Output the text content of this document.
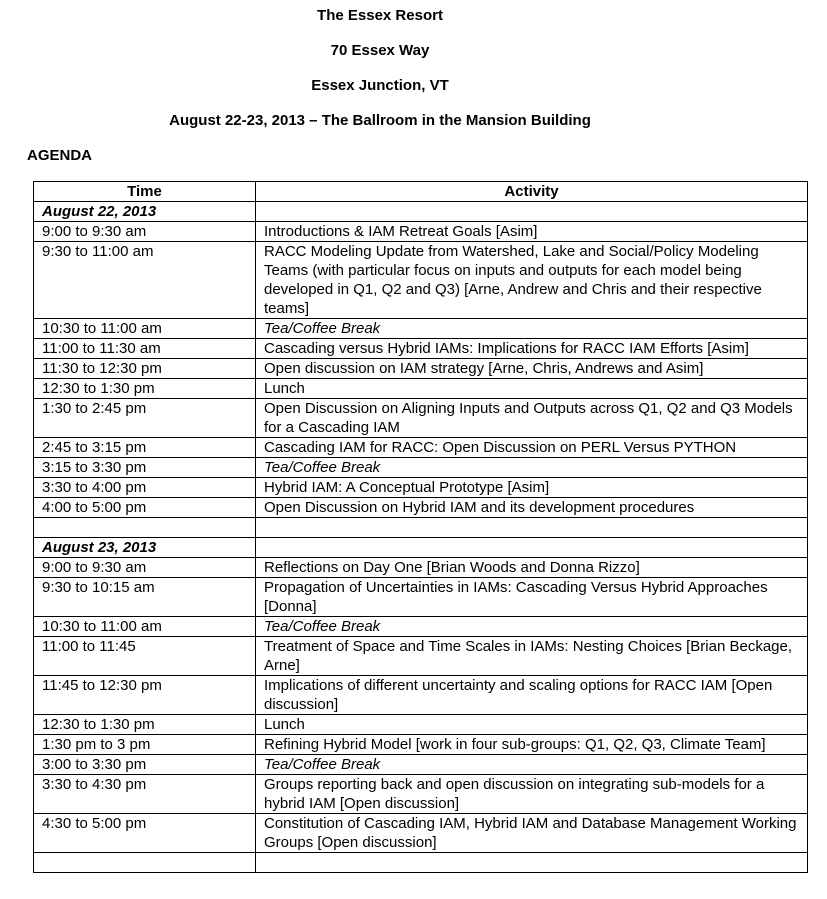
The Essex Resort
70 Essex Way
Essex Junction, VT
August 22-23, 2013 – The Ballroom in the Mansion Building
AGENDA
Time	Activity
August 22, 2013	
9:00 to 9:30 am	Introductions & IAM Retreat Goals [Asim]
9:30 to 11:00 am	RACC Modeling Update from Watershed, Lake and Social/Policy Modeling Teams (with particular focus on inputs and outputs for each model being developed in Q1, Q2 and Q3) [Arne, Andrew and Chris and their respective teams]
10:30 to 11:00 am	Tea/Coffee Break
11:00 to 11:30 am	Cascading versus Hybrid IAMs: Implications for RACC IAM Efforts [Asim]
11:30 to 12:30 pm	Open discussion on IAM strategy [Arne, Chris, Andrews and Asim]
12:30 to 1:30 pm	Lunch
1:30 to 2:45 pm	Open Discussion on Aligning Inputs and Outputs across Q1, Q2 and Q3 Models for a Cascading IAM
2:45 to 3:15 pm	Cascading IAM for RACC: Open Discussion on PERL Versus PYTHON
3:15 to 3:30 pm	Tea/Coffee Break
3:30 to 4:00 pm	Hybrid IAM: A Conceptual Prototype [Asim]
4:00 to 5:00 pm	Open Discussion on Hybrid IAM and its development procedures

August 23, 2013	
9:00 to 9:30 am	Reflections on Day One [Brian Woods and Donna Rizzo]
9:30 to 10:15 am	Propagation of Uncertainties in IAMs: Cascading Versus Hybrid Approaches [Donna]
10:30 to 11:00 am	Tea/Coffee Break
11:00 to 11:45	Treatment of Space and Time Scales in IAMs: Nesting Choices [Brian Beckage, Arne]
11:45 to 12:30 pm	Implications of different uncertainty and scaling options for RACC IAM [Open discussion]
12:30 to 1:30 pm	Lunch
1:30 pm to 3 pm	Refining Hybrid Model [work in four sub-groups: Q1, Q2, Q3, Climate Team]
3:00 to 3:30 pm	Tea/Coffee Break
3:30 to 4:30 pm	Groups reporting back and open discussion on integrating sub-models for a hybrid IAM [Open discussion]
4:30 to 5:00 pm	Constitution of Cascading IAM, Hybrid IAM and Database Management Working Groups [Open discussion]
